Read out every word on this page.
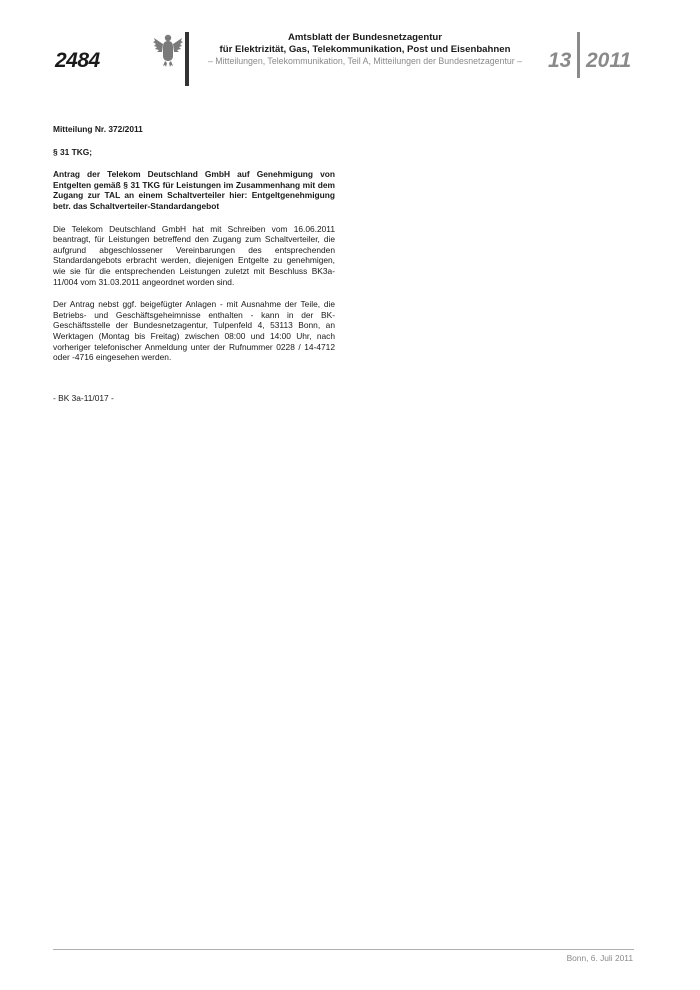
2484
Amtsblatt der Bundesnetzagentur
für Elektrizität, Gas, Telekommunikation, Post und Eisenbahnen
– Mitteilungen, Telekommunikation, Teil A, Mitteilungen der Bundesnetzagentur –	13 2011

Mitteilung Nr. 372/2011

§ 31 TKG;

Antrag der Telekom Deutschland GmbH auf Genehmigung von Entgelten gemäß § 31 TKG für Leistungen im Zusammenhang mit dem Zugang zur TAL an einem Schaltverteiler hier: Entgeltgenehmigung betr. das Schaltverteiler-Standardangebot

Die Telekom Deutschland GmbH hat mit Schreiben vom 16.06.2011 beantragt, für Leistungen betreffend den Zugang zum Schaltverteiler, die aufgrund abgeschlossener Vereinbarungen des entsprechenden Standardangebots erbracht werden, diejenigen Entgelte zu genehmigen, wie sie für die entsprechenden Leistungen zuletzt mit Beschluss BK3a-11/004 vom 31.03.2011 angeordnet worden sind.

Der Antrag nebst ggf. beigefügter Anlagen - mit Ausnahme der Teile, die Betriebs- und Geschäftsgeheimnisse enthalten - kann in der BK-Geschäftsstelle der Bundesnetzagentur, Tulpenfeld 4, 53113 Bonn, an Werktagen (Montag bis Freitag) zwischen 08:00 und 14:00 Uhr, nach vorheriger telefonischer Anmeldung unter der Rufnummer 0228 / 14-4712 oder -4716 eingesehen werden.

- BK 3a-11/017 -

Bonn, 6. Juli 2011
